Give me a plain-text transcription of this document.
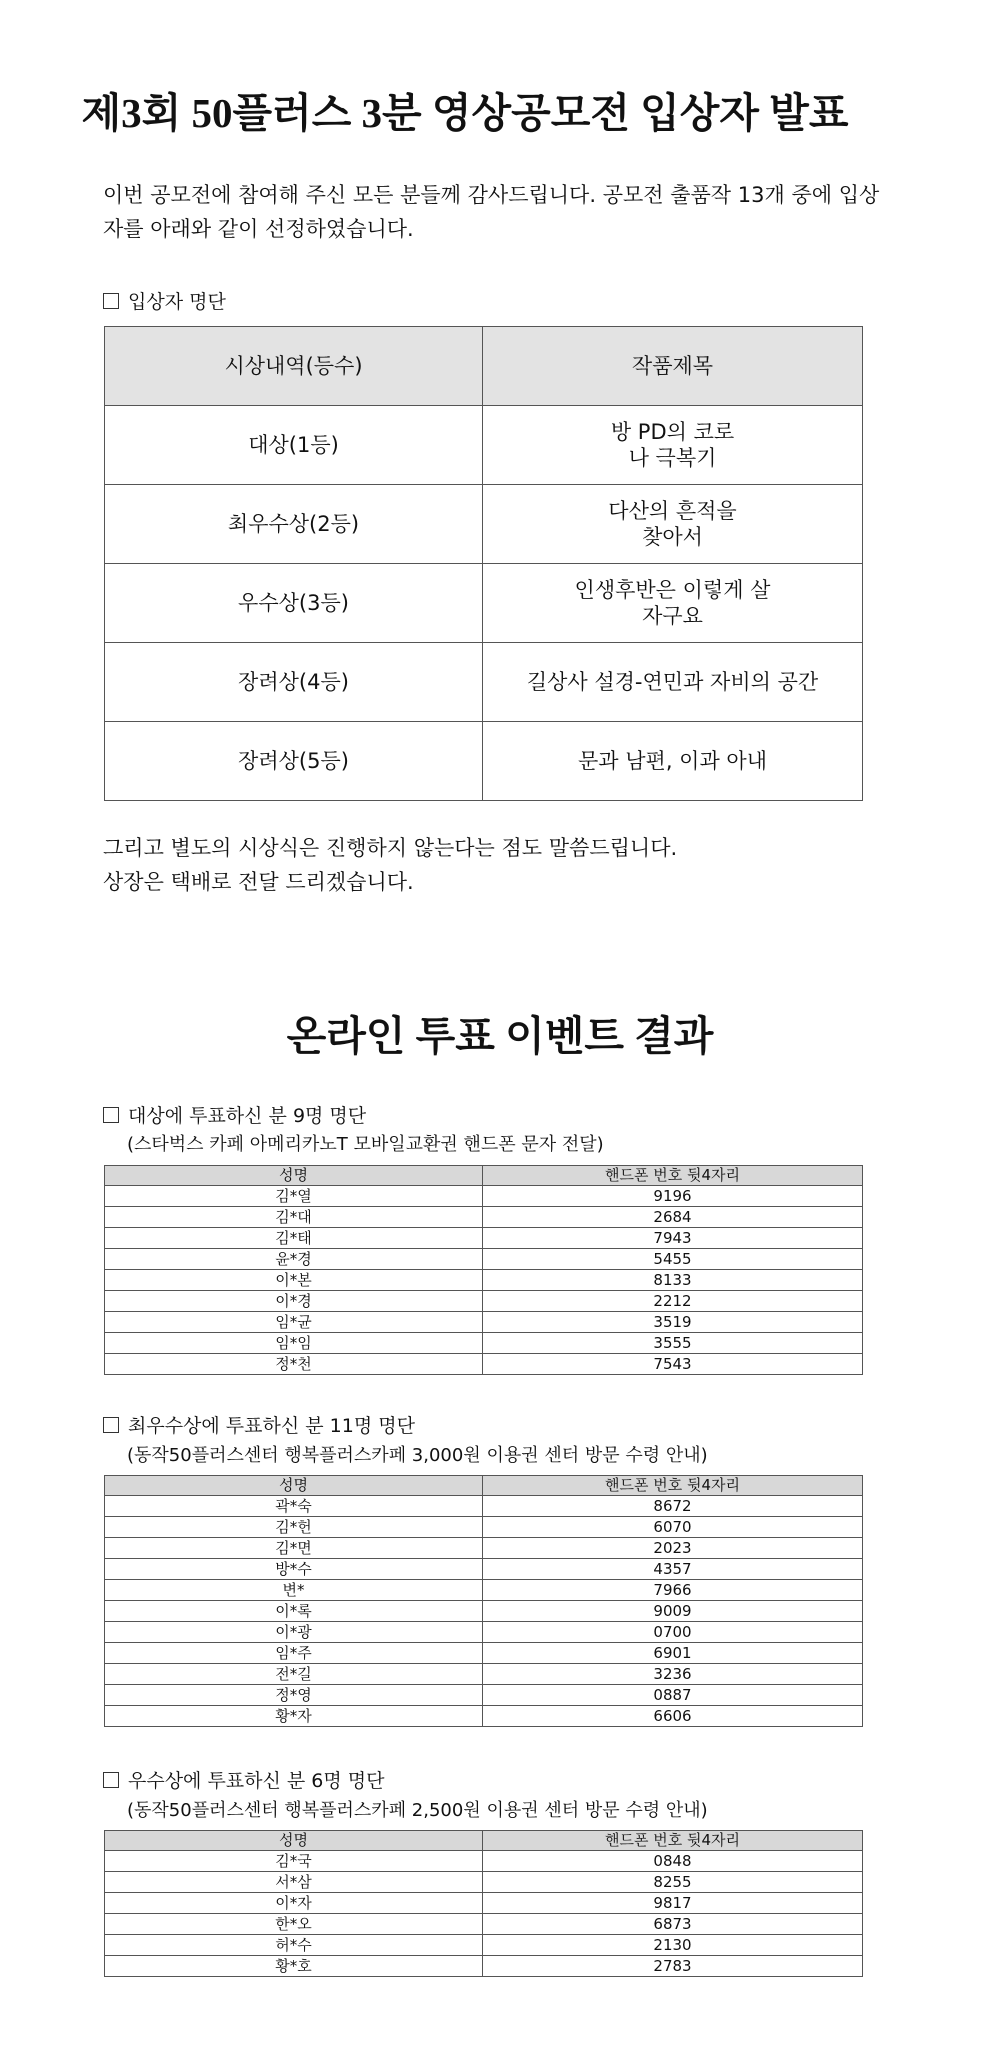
제3회 50플러스 3분 영상공모전 입상자 발표
이번 공모전에 참여해 주신 모든 분들께 감사드립니다. 공모전 출품작 13개 중에 입상자를 아래와 같이 선정하였습니다.
입상자 명단
시상내역(등수)	작품제목
대상(1등)	방 PD의 코로나 극복기
최우수상(2등)	다산의 흔적을 찾아서
우수상(3등)	인생후반은 이렇게 살자구요
장려상(4등)	길상사 설경-연민과 자비의 공간
장려상(5등)	문과 남편, 이과 아내
그리고 별도의 시상식은 진행하지 않는다는 점도 말씀드립니다.
상장은 택배로 전달 드리겠습니다.
온라인 투표 이벤트 결과
대상에 투표하신 분 9명 명단
(스타벅스 카페 아메리카노T 모바일교환권 핸드폰 문자 전달)
성명	핸드폰 번호 뒷4자리
김*열	9196
김*대	2684
김*태	7943
윤*경	5455
이*본	8133
이*경	2212
임*균	3519
임*임	3555
정*천	7543
최우수상에 투표하신 분 11명 명단
(동작50플러스센터 행복플러스카페 3,000원 이용권 센터 방문 수령 안내)
성명	핸드폰 번호 뒷4자리
곽*숙	8672
김*헌	6070
김*면	2023
방*수	4357
변*	7966
이*록	9009
이*광	0700
임*주	6901
전*길	3236
정*영	0887
황*자	6606
우수상에 투표하신 분 6명 명단
(동작50플러스센터 행복플러스카페 2,500원 이용권 센터 방문 수령 안내)
성명	핸드폰 번호 뒷4자리
김*국	0848
서*삼	8255
이*자	9817
한*오	6873
허*수	2130
황*호	2783
